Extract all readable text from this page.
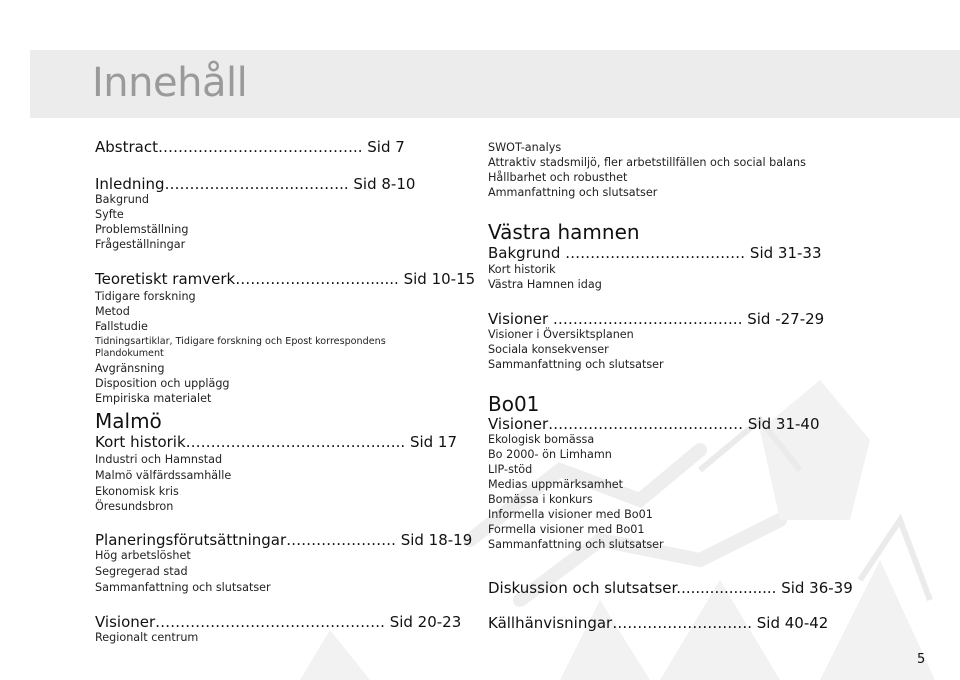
Innehåll
Abstract………………………………….. Sid 7
Inledning……………………..……….. Sid 8-10
Bakgrund
Syfte
Problemställning
Frågeställningar
Teoretiskt ramverk………………………...... Sid 10-15
Tidigare forskning
Metod
Fallstudie
Tidningsartiklar, Tidigare forskning och Epost korrespondens
Plandokument
Avgränsning
Disposition och upplägg
Empiriska materialet
Malmö
Kort historik…………………………………….. Sid 17
Industri och Hamnstad
Malmö välfärdssamhälle
Ekonomisk kris
Öresundsbron
Planeringsförutsättningar…………………. Sid 18-19
Hög arbetslöshet
Segregerad stad
Sammanfattning och slutsatser
Visioner………………………………………. Sid 20-23
Regionalt centrum
SWOT-analys
Attraktiv stadsmiljö, fler arbetstillfällen och social balans
Hållbarhet och robusthet
Ammanfattning och slutsatser
Västra hamnen
Bakgrund ……………………………… Sid 31-33
Kort historik
Västra Hamnen idag
Visioner ……………………………….. Sid -27-29
Visioner i Översiktsplanen
Sociala konsekvenser
Sammanfattning och slutsatser
Bo01
Visioner………………………………… Sid 31-40
Ekologisk bomässa
Bo 2000- ön Limhamn
LIP-stöd
Medias uppmärksamhet
Bomässa i konkurs
Informella visioner med Bo01
Formella visioner med Bo01
Sammanfattning och slutsatser
Diskussion och slutsatser..................... Sid 36-39
Källhänvisningar………………………. Sid 40-42
5
